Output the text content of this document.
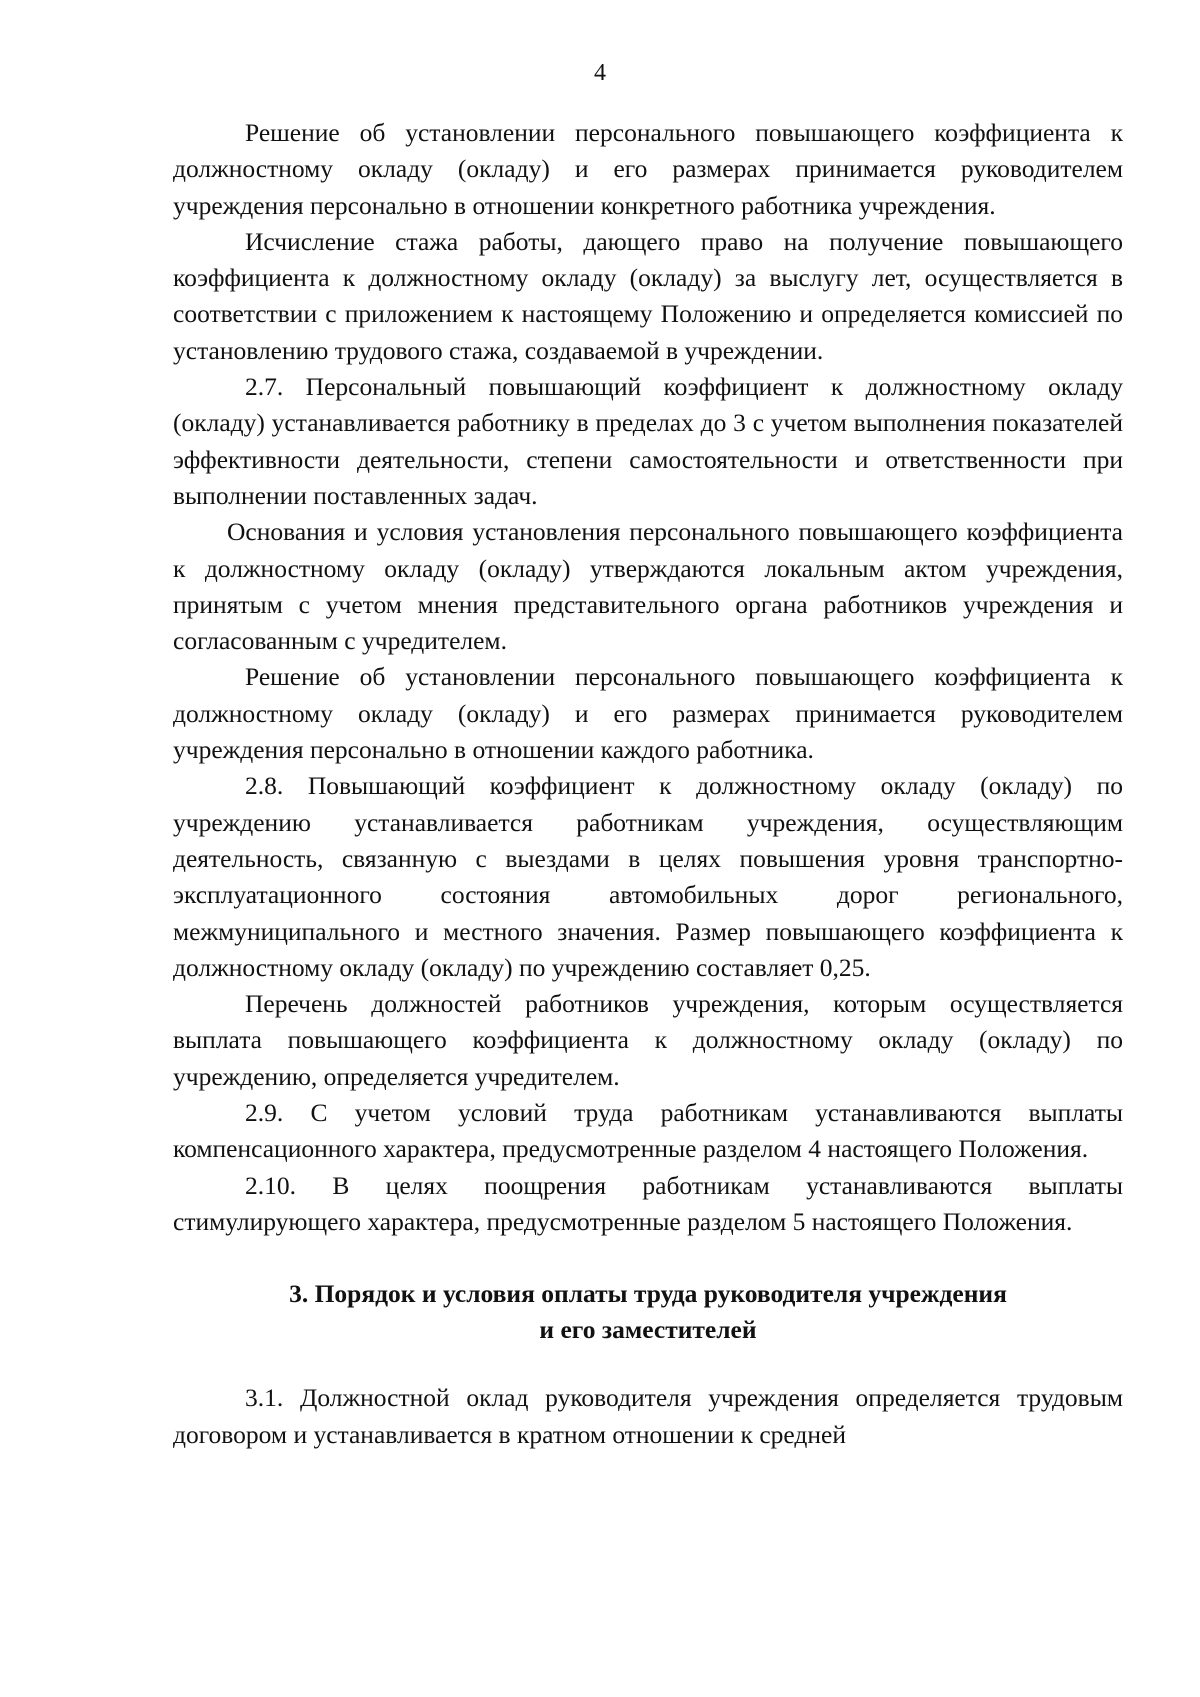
4

Решение об установлении персонального повышающего коэффициента к должностному окладу (окладу) и его размерах принимается руководителем учреждения персонально в отношении конкретного работника учреждения.

Исчисление стажа работы, дающего право на получение повышающего коэффициента к должностному окладу (окладу) за выслугу лет, осуществляется в соответствии с приложением к настоящему Положению и определяется комиссией по установлению трудового стажа, создаваемой в учреждении.

2.7. Персональный повышающий коэффициент к должностному окладу (окладу) устанавливается работнику в пределах до 3 с учетом выполнения показателей эффективности деятельности, степени самостоятельности и ответственности при выполнении поставленных задач.

Основания и условия установления персонального повышающего коэффициента к должностному окладу (окладу) утверждаются локальным актом учреждения, принятым с учетом мнения представительного органа работников учреждения и согласованным с учредителем.

Решение об установлении персонального повышающего коэффициента к должностному окладу (окладу) и его размерах принимается руководителем учреждения персонально в отношении каждого работника.

2.8. Повышающий коэффициент к должностному окладу (окладу) по учреждению устанавливается работникам учреждения, осуществляющим деятельность, связанную с выездами в целях повышения уровня транспортно-эксплуатационного состояния автомобильных дорог регионального, межмуниципального и местного значения. Размер повышающего коэффициента к должностному окладу (окладу) по учреждению составляет 0,25.

Перечень должностей работников учреждения, которым осуществляется выплата повышающего коэффициента к должностному окладу (окладу) по учреждению, определяется учредителем.

2.9. С учетом условий труда работникам устанавливаются выплаты компенсационного характера, предусмотренные разделом 4 настоящего Положения.

2.10. В целях поощрения работникам устанавливаются выплаты стимулирующего характера, предусмотренные разделом 5 настоящего Положения.

3. Порядок и условия оплаты труда руководителя учреждения
и его заместителей

3.1. Должностной оклад руководителя учреждения определяется трудовым договором и устанавливается в кратном отношении к средней
